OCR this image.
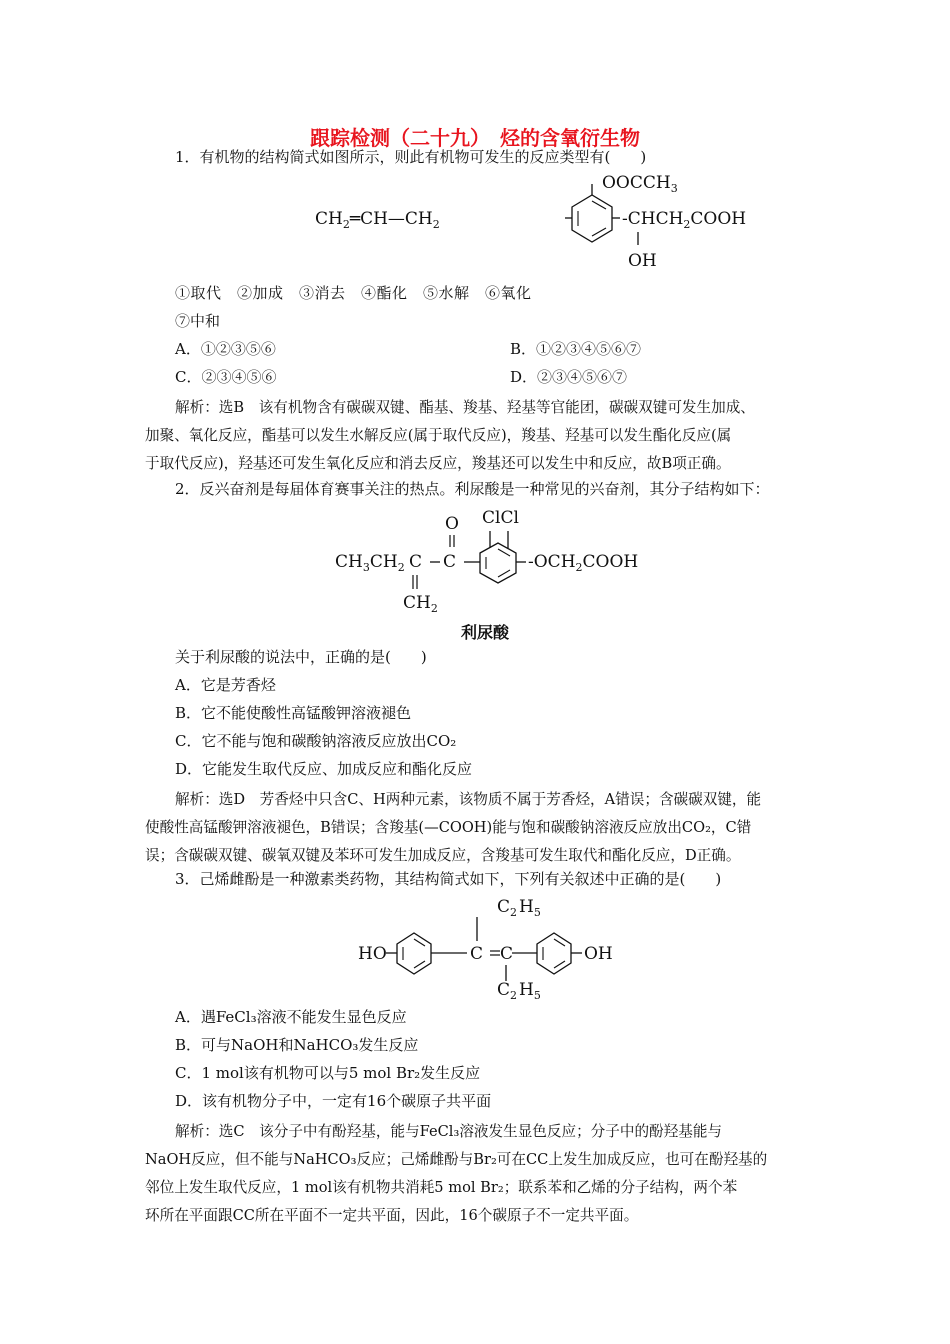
跟踪检测（二十九）　烃的含氧衍生物
1．有机物的结构简式如图所示，则此有机物可发生的反应类型有(　　)
$OOCCH_3$
$CH_2═CH—CH_2$	$-CHCH_2COOH$
OH
①取代　②加成　③消去　④酯化　⑤水解　⑥氧化
⑦中和
A．①②③⑤⑥	B．①②③④⑤⑥⑦
C．②③④⑤⑥	D．②③④⑤⑥⑦
解析：选B　该有机物含有碳碳双键、酯基、羧基、羟基等官能团，碳碳双键可发生加成、
加聚、氧化反应，酯基可以发生水解反应(属于取代反应)，羧基、羟基可以发生酯化反应(属
于取代反应)，羟基还可发生氧化反应和消去反应，羧基还可以发生中和反应，故B项正确。
2．反兴奋剂是每届体育赛事关注的热点。利尿酸是一种常见的兴奋剂，其分子结构如下：
O ClCl
$CH_3CH_2$ C C	$-OCH_2COOH$
$CH_2$
利尿酸
关于利尿酸的说法中，正确的是(　　)
A．它是芳香烃
B．它不能使酸性高锰酸钾溶液褪色
C．它不能与饱和碳酸钠溶液反应放出CO₂
D．它能发生取代反应、加成反应和酯化反应
解析：选D　芳香烃中只含C、H两种元素，该物质不属于芳香烃，A错误；含碳碳双键，能
使酸性高锰酸钾溶液褪色，B错误；含羧基(—COOH)能与饱和碳酸钠溶液反应放出CO₂，C错
误；含碳碳双键、碳氧双键及苯环可发生加成反应，含羧基可发生取代和酯化反应，D正确。
3．己烯雌酚是一种激素类药物，其结构简式如下，下列有关叙述中正确的是(　　)
$C_2$ $H_5$
HO	C C	OH
$C_2$ $H_5$
A．遇FeCl₃溶液不能发生显色反应
B．可与NaOH和NaHCO₃发生反应
C．1 mol该有机物可以与5 mol Br₂发生反应
D．该有机物分子中，一定有16个碳原子共平面
解析：选C　该分子中有酚羟基，能与FeCl₃溶液发生显色反应；分子中的酚羟基能与
NaOH反应，但不能与NaHCO₃反应；己烯雌酚与Br₂可在CC上发生加成反应，也可在酚羟基的
邻位上发生取代反应，1 mol该有机物共消耗5 mol Br₂；联系苯和乙烯的分子结构，两个苯
环所在平面跟CC所在平面不一定共平面，因此，16个碳原子不一定共平面。
